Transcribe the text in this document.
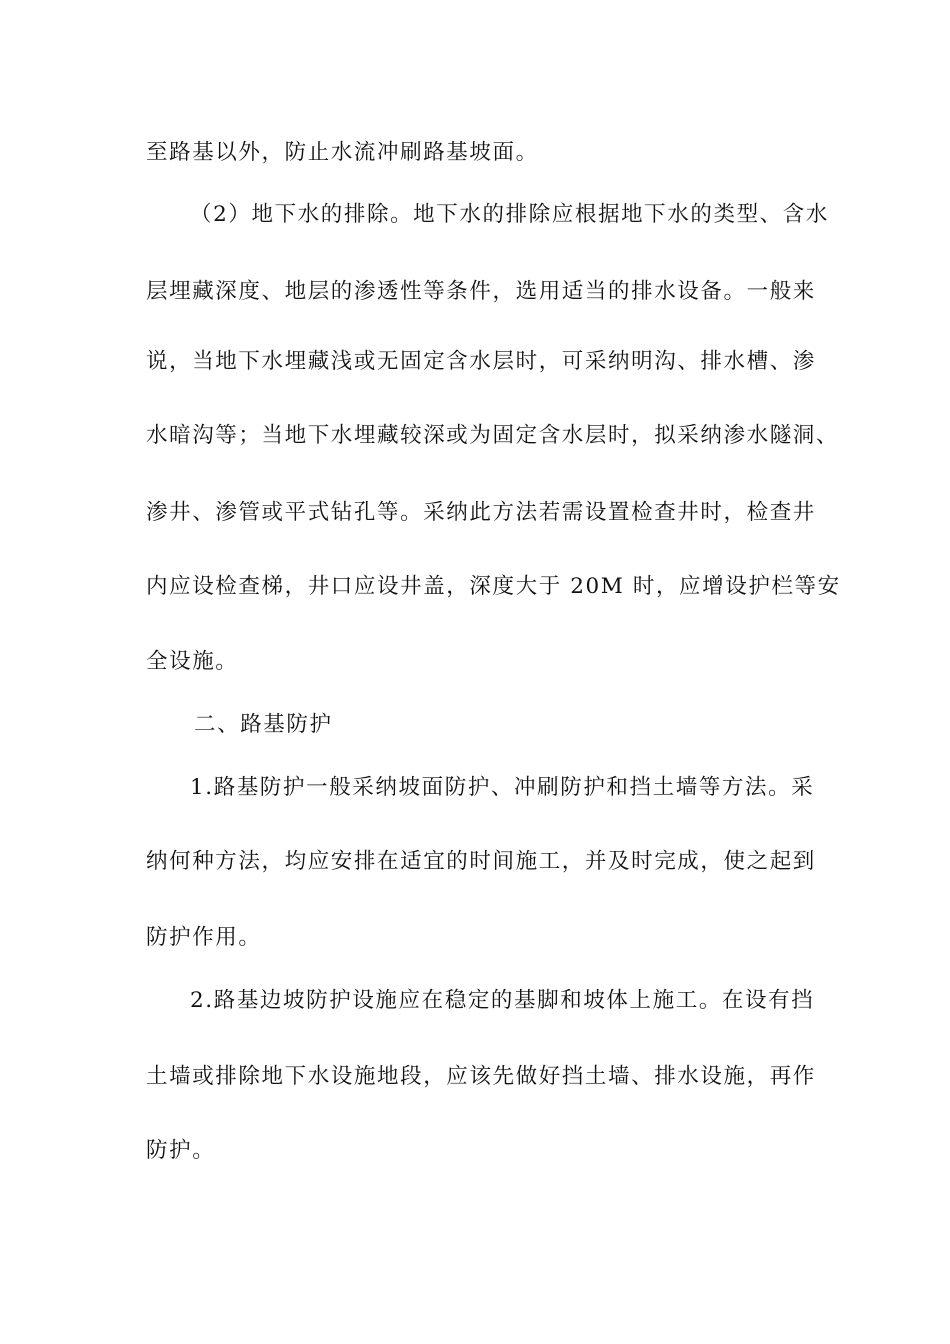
至路基以外，防止水流冲刷路基坡面。
（2）地下水的排除。地下水的排除应根据地下水的类型、含水
层埋藏深度、地层的渗透性等条件，选用适当的排水设备。一般来
说，当地下水埋藏浅或无固定含水层时，可采纳明沟、排水槽、渗
水暗沟等；当地下水埋藏较深或为固定含水层时，拟采纳渗水隧洞、
渗井、渗管或平式钻孔等。采纳此方法若需设置检查井时，检查井
内应设检查梯，井口应设井盖，深度大于 20M 时，应增设护栏等安
全设施。
二、路基防护
1.路基防护一般采纳坡面防护、冲刷防护和挡土墙等方法。采
纳何种方法，均应安排在适宜的时间施工，并及时完成，使之起到
防护作用。
2.路基边坡防护设施应在稳定的基脚和坡体上施工。在设有挡
土墙或排除地下水设施地段，应该先做好挡土墙、排水设施，再作
防护。
